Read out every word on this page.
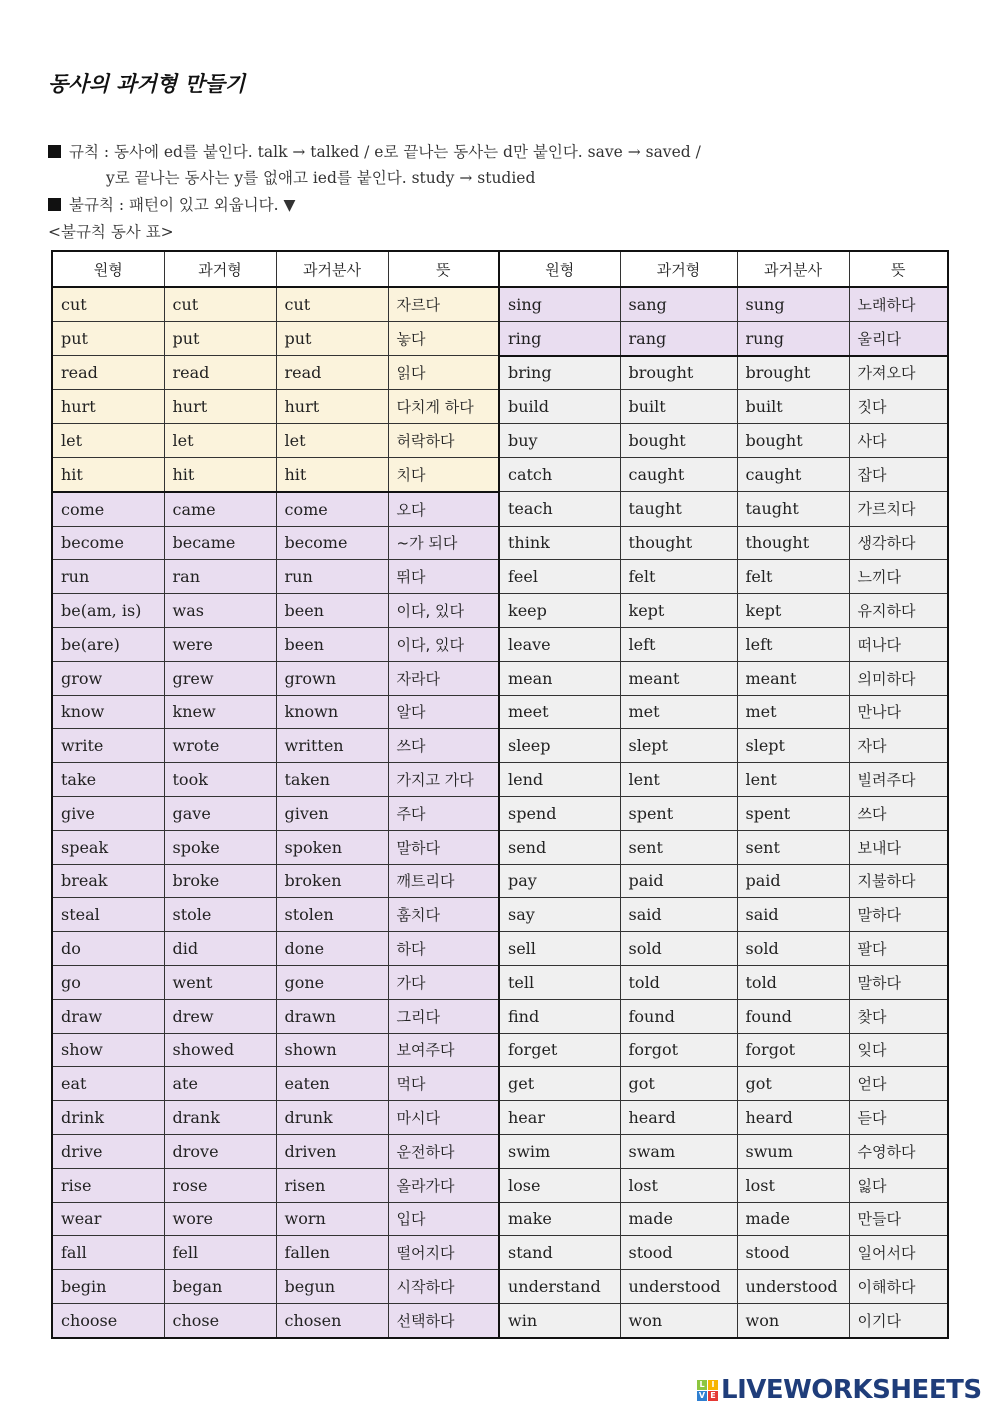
동사의 과거형 만들기
규칙 : 동사에 ed를 붙인다. talk → talked / e로 끝나는 동사는 d만 붙인다. save → saved /
y로 끝나는 동사는 y를 없애고 ied를 붙인다. study → studied
불규칙 : 패턴이 있고 외웁니다. ▼
<불규칙 동사 표>
원형	과거형	과거분사	뜻	원형	과거형	과거분사	뜻
cut	cut	cut	자르다	sing	sang	sung	노래하다
put	put	put	놓다	ring	rang	rung	울리다
read	read	read	읽다	bring	brought	brought	가져오다
hurt	hurt	hurt	다치게 하다	build	built	built	짓다
let	let	let	허락하다	buy	bought	bought	사다
hit	hit	hit	치다	catch	caught	caught	잡다
come	came	come	오다	teach	taught	taught	가르치다
become	became	become	~가 되다	think	thought	thought	생각하다
run	ran	run	뛰다	feel	felt	felt	느끼다
be(am, is)	was	been	이다, 있다	keep	kept	kept	유지하다
be(are)	were	been	이다, 있다	leave	left	left	떠나다
grow	grew	grown	자라다	mean	meant	meant	의미하다
know	knew	known	알다	meet	met	met	만나다
write	wrote	written	쓰다	sleep	slept	slept	자다
take	took	taken	가지고 가다	lend	lent	lent	빌려주다
give	gave	given	주다	spend	spent	spent	쓰다
speak	spoke	spoken	말하다	send	sent	sent	보내다
break	broke	broken	깨트리다	pay	paid	paid	지불하다
steal	stole	stolen	훔치다	say	said	said	말하다
do	did	done	하다	sell	sold	sold	팔다
go	went	gone	가다	tell	told	told	말하다
draw	drew	drawn	그리다	find	found	found	찾다
show	showed	shown	보여주다	forget	forgot	forgot	잊다
eat	ate	eaten	먹다	get	got	got	얻다
drink	drank	drunk	마시다	hear	heard	heard	듣다
drive	drove	driven	운전하다	swim	swam	swum	수영하다
rise	rose	risen	올라가다	lose	lost	lost	잃다
wear	wore	worn	입다	make	made	made	만들다
fall	fell	fallen	떨어지다	stand	stood	stood	일어서다
begin	began	begun	시작하다	understand	understood	understood	이해하다
choose	chose	chosen	선택하다	win	won	won	이기다
L I
V E LIVEWORKSHEETS
